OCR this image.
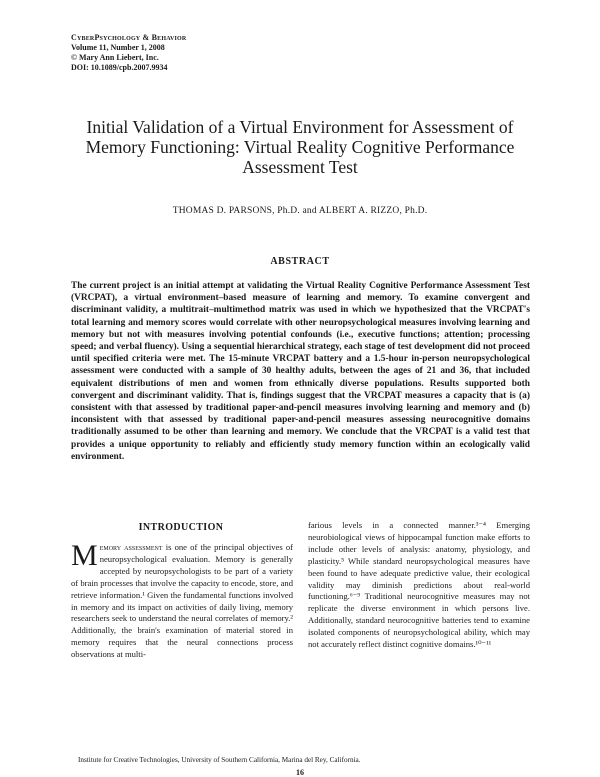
CyberPsychology & Behavior
Volume 11, Number 1, 2008
© Mary Ann Liebert, Inc.
DOI: 10.1089/cpb.2007.9934
Initial Validation of a Virtual Environment for Assessment of Memory Functioning: Virtual Reality Cognitive Performance Assessment Test
THOMAS D. PARSONS, Ph.D. and ALBERT A. RIZZO, Ph.D.
ABSTRACT
The current project is an initial attempt at validating the Virtual Reality Cognitive Performance Assessment Test (VRCPAT), a virtual environment–based measure of learning and memory. To examine convergent and discriminant validity, a multitrait–multimethod matrix was used in which we hypothesized that the VRCPAT's total learning and memory scores would correlate with other neuropsychological measures involving learning and memory but not with measures involving potential confounds (i.e., executive functions; attention; processing speed; and verbal fluency). Using a sequential hierarchical strategy, each stage of test development did not proceed until specified criteria were met. The 15-minute VRCPAT battery and a 1.5-hour in-person neuropsychological assessment were conducted with a sample of 30 healthy adults, between the ages of 21 and 36, that included equivalent distributions of men and women from ethnically diverse populations. Results supported both convergent and discriminant validity. That is, findings suggest that the VRCPAT measures a capacity that is (a) consistent with that assessed by traditional paper-and-pencil measures involving learning and memory and (b) inconsistent with that assessed by traditional paper-and-pencil measures assessing neurocognitive domains traditionally assumed to be other than learning and memory. We conclude that the VRCPAT is a valid test that provides a unique opportunity to reliably and efficiently study memory function within an ecologically valid environment.
INTRODUCTION
Memory assessment is one of the principal objectives of neuropsychological evaluation. Memory is generally accepted by neuropsychologists to be part of a variety of brain processes that involve the capacity to encode, store, and retrieve information.¹ Given the fundamental functions involved in memory and its impact on activities of daily living, memory researchers seek to understand the neural correlates of memory.² Additionally, the brain's examination of material stored in memory requires that the neural connections process observations at multi-
farious levels in a connected manner.³⁻⁴ Emerging neurobiological views of hippocampal function make efforts to include other levels of analysis: anatomy, physiology, and plasticity.⁵ While standard neuropsychological measures have been found to have adequate predictive value, their ecological validity may diminish predictions about real-world functioning.⁶⁻⁹ Traditional neurocognitive measures may not replicate the diverse environment in which persons live. Additionally, standard neurocognitive batteries tend to examine isolated components of neuropsychological ability, which may not accurately reflect distinct cognitive domains.¹⁰⁻¹¹
Institute for Creative Technologies, University of Southern California, Marina del Rey, California.
16
